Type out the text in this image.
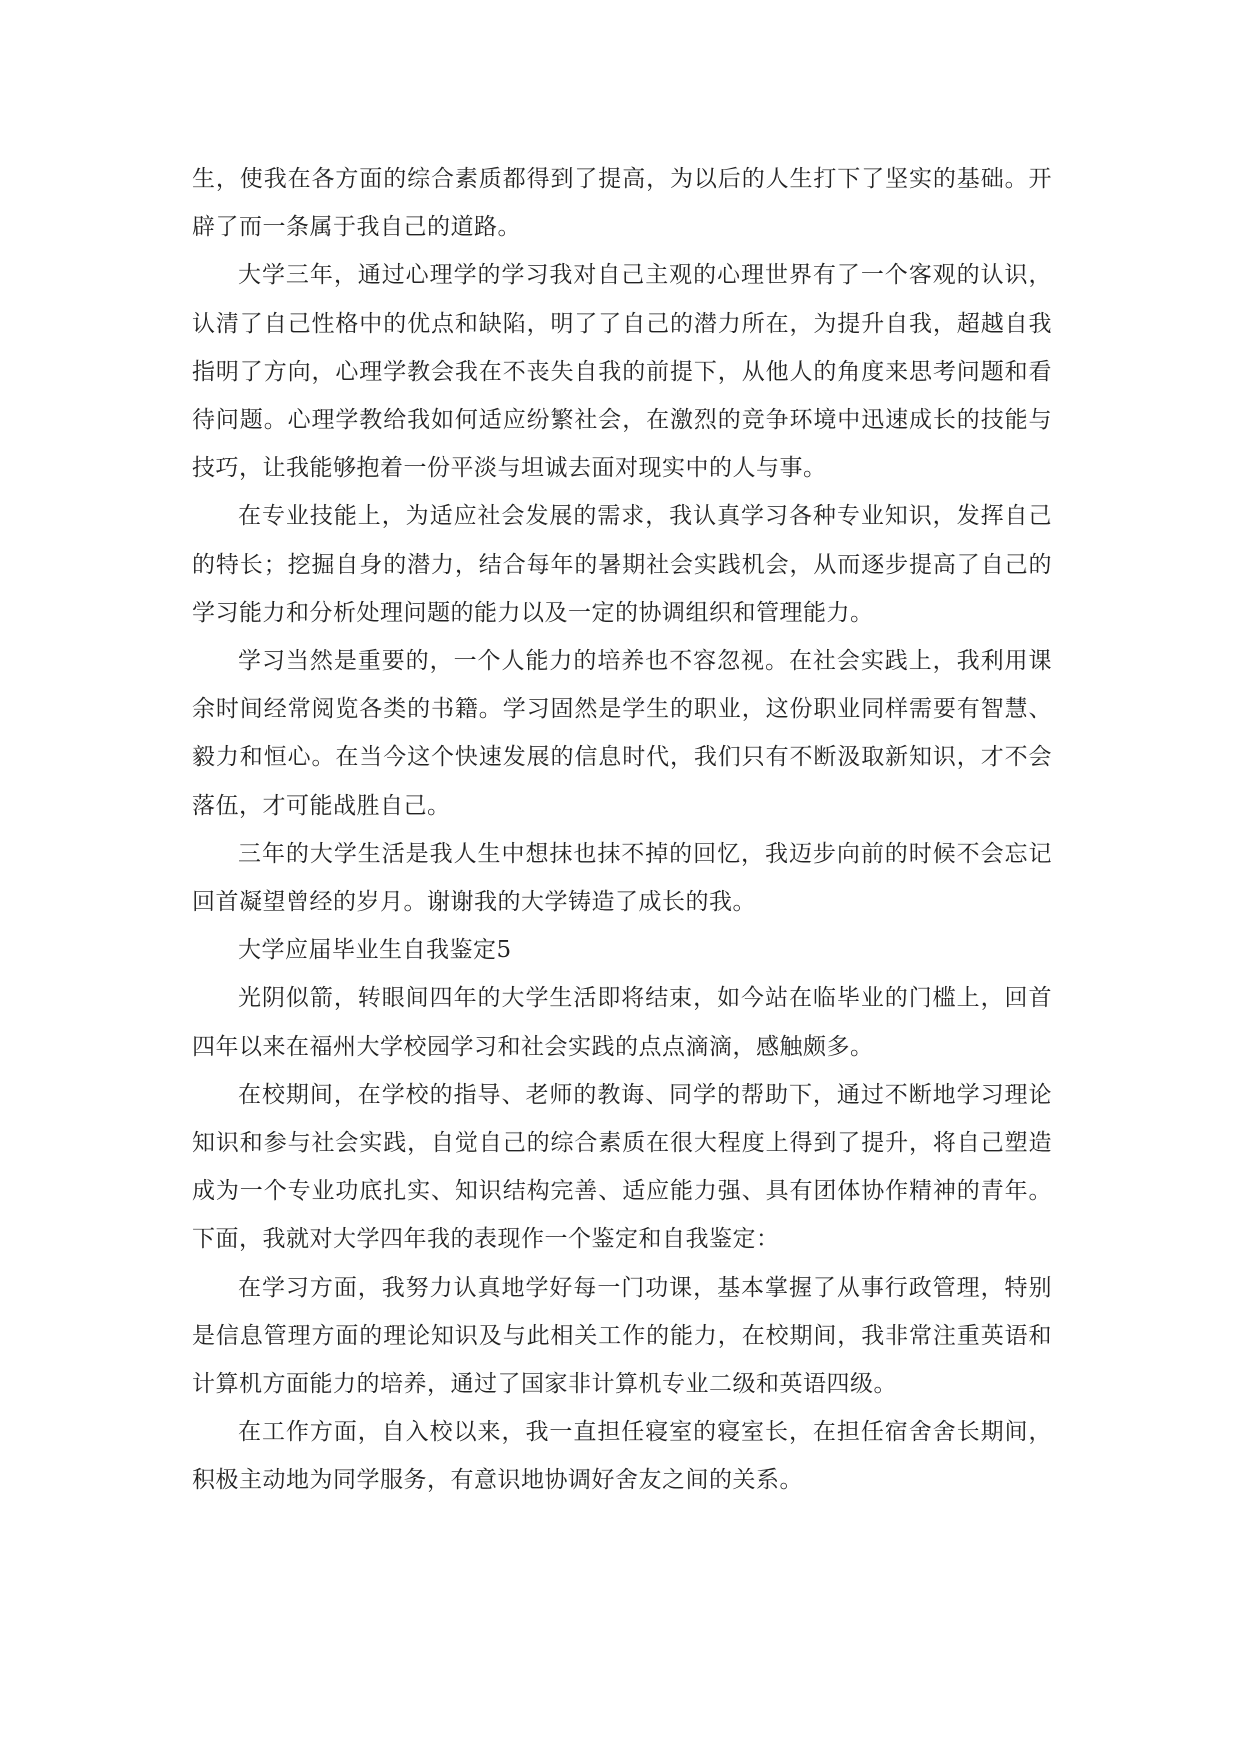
生，使我在各方面的综合素质都得到了提高，为以后的人生打下了坚实的基础。开辟了而一条属于我自己的道路。

大学三年，通过心理学的学习我对自己主观的心理世界有了一个客观的认识，认清了自己性格中的优点和缺陷，明了了自己的潜力所在，为提升自我，超越自我指明了方向，心理学教会我在不丧失自我的前提下，从他人的角度来思考问题和看待问题。心理学教给我如何适应纷繁社会，在激烈的竞争环境中迅速成长的技能与技巧，让我能够抱着一份平淡与坦诚去面对现实中的人与事。

在专业技能上，为适应社会发展的需求，我认真学习各种专业知识，发挥自己的特长；挖掘自身的潜力，结合每年的暑期社会实践机会，从而逐步提高了自己的学习能力和分析处理问题的能力以及一定的协调组织和管理能力。

学习当然是重要的，一个人能力的培养也不容忽视。在社会实践上，我利用课余时间经常阅览各类的书籍。学习固然是学生的职业，这份职业同样需要有智慧、毅力和恒心。在当今这个快速发展的信息时代，我们只有不断汲取新知识，才不会落伍，才可能战胜自己。

三年的大学生活是我人生中想抹也抹不掉的回忆，我迈步向前的时候不会忘记回首凝望曾经的岁月。谢谢我的大学铸造了成长的我。

大学应届毕业生自我鉴定5

光阴似箭，转眼间四年的大学生活即将结束，如今站在临毕业的门槛上，回首四年以来在福州大学校园学习和社会实践的点点滴滴，感触颇多。

在校期间，在学校的指导、老师的教诲、同学的帮助下，通过不断地学习理论知识和参与社会实践，自觉自己的综合素质在很大程度上得到了提升，将自己塑造成为一个专业功底扎实、知识结构完善、适应能力强、具有团体协作精神的青年。下面，我就对大学四年我的表现作一个鉴定和自我鉴定：

在学习方面，我努力认真地学好每一门功课，基本掌握了从事行政管理，特别是信息管理方面的理论知识及与此相关工作的能力，在校期间，我非常注重英语和计算机方面能力的培养，通过了国家非计算机专业二级和英语四级。

在工作方面，自入校以来，我一直担任寝室的寝室长，在担任宿舍舍长期间，积极主动地为同学服务，有意识地协调好舍友之间的关系。
